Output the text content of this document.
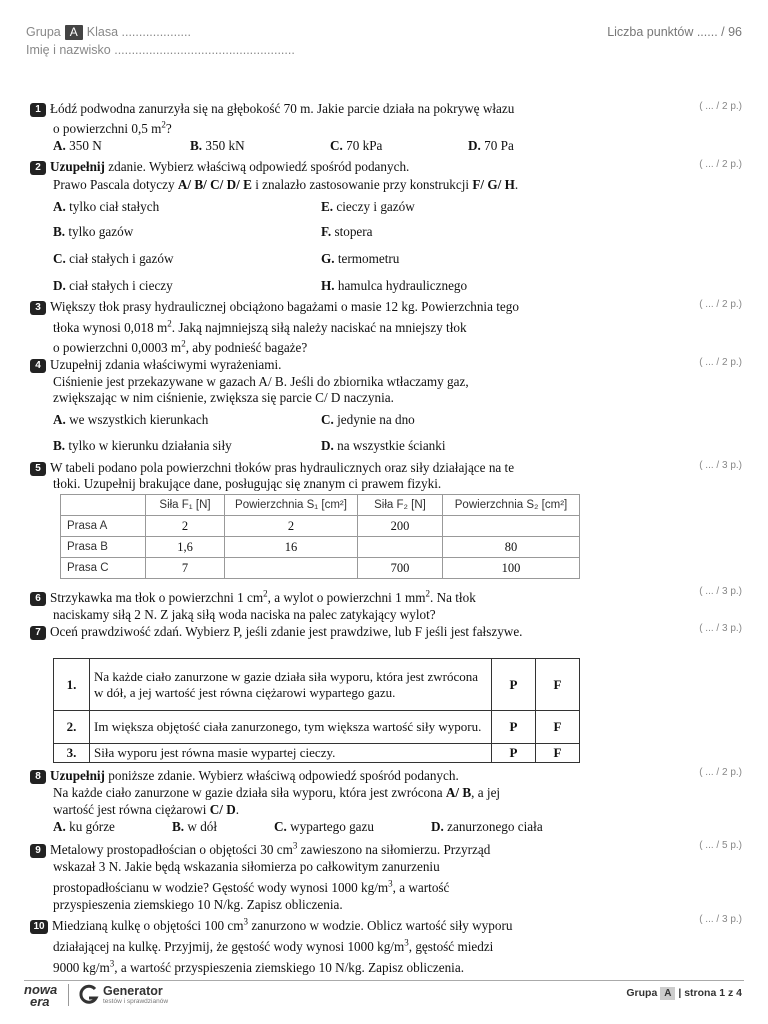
Grupa A Klasa ....................
Imię i nazwisko ....................................................
Liczba punktów ...... / 96
1 Łódź podwodna zanurzyła się na głębokość 70 m. Jakie parcie działa na pokrywę włazu	( ... / 2 p.)
o powierzchni 0,5 $m^2$?
A. 350 N	B. 350 kN	C. 70 kPa	D. 70 Pa
2 Uzupełnij zdanie. Wybierz właściwą odpowiedź spośród podanych.	( ... / 2 p.)
Prawo Pascala dotyczy A/ B/ C/ D/ E i znalazło zastosowanie przy konstrukcji F/ G/ H.
A. tylko ciał stałych	E. cieczy i gazów
B. tylko gazów	F. stopera
C. ciał stałych i gazów	G. termometru
D. ciał stałych i cieczy	H. hamulca hydraulicznego
3 Większy tłok prasy hydraulicznej obciążono bagażami o masie 12 kg. Powierzchnia tego	( ... / 2 p.)
tłoka wynosi 0,018 $m^2$. Jaką najmniejszą siłą należy naciskać na mniejszy tłok
o powierzchni 0,0003 $m^2$, aby podnieść bagaże?
4 Uzupełnij zdania właściwymi wyrażeniami.	( ... / 2 p.)
Ciśnienie jest przekazywane w gazach A/ B. Jeśli do zbiornika wtłaczamy gaz,
zwiększając w nim ciśnienie, zwiększa się parcie C/ D naczynia.
A. we wszystkich kierunkach	C. jedynie na dno
B. tylko w kierunku działania siły	D. na wszystkie ścianki
5 W tabeli podano pola powierzchni tłoków pras hydraulicznych oraz siły działające na te	( ... / 3 p.)
tłoki. Uzupełnij brakujące dane, posługując się znanym ci prawem fizyki.
	Siła F₁ [N]	Powierzchnia S₁ [cm²]	Siła F₂ [N]	Powierzchnia S₂ [cm²]
Prasa A	2	2	200	
Prasa B	1,6	16		80
Prasa C	7		700	100
6 Strzykawka ma tłok o powierzchni 1 $cm^2$, a wylot o powierzchni 1 $mm^2$. Na tłok	( ... / 3 p.)
naciskamy siłą 2 N. Z jaką siłą woda naciska na palec zatykający wylot?
7 Oceń prawdziwość zdań. Wybierz P, jeśli zdanie jest prawdziwe, lub F jeśli jest fałszywe.	( ... / 3 p.)
1.	Na każde ciało zanurzone w gazie działa siła wyporu, która jest zwrócona w dół, a jej wartość jest równa ciężarowi wypartego gazu.	P	F
2.	Im większa objętość ciała zanurzonego, tym większa wartość siły wyporu.	P	F
3.	Siła wyporu jest równa masie wypartej cieczy.	P	F
8 Uzupełnij poniższe zdanie. Wybierz właściwą odpowiedź spośród podanych.	( ... / 2 p.)
Na każde ciało zanurzone w gazie działa siła wyporu, która jest zwrócona A/ B, a jej
wartość jest równa ciężarowi C/ D.
A. ku górze	B. w dół	C. wypartego gazu	D. zanurzonego ciała
9 Metalowy prostopadłościan o objętości 30 $cm^3$ zawieszono na siłomierzu. Przyrząd	( ... / 5 p.)
wskazał 3 N. Jakie będą wskazania siłomierza po całkowitym zanurzeniu
prostopadłościanu w wodzie? Gęstość wody wynosi 1000 $kg/m^3$, a wartość
przyspieszenia ziemskiego 10 N/kg. Zapisz obliczenia.
10 Miedzianą kulkę o objętości 100 $cm^3$ zanurzono w wodzie. Oblicz wartość siły wyporu	( ... / 3 p.)
działającej na kulkę. Przyjmij, że gęstość wody wynosi 1000 $kg/m^3$, gęstość miedzi
9000 $kg/m^3$, a wartość przyspieszenia ziemskiego 10 N/kg. Zapisz obliczenia.
nowa
era
Generator
testów i sprawdzianów
Grupa A | strona 1 z 4
